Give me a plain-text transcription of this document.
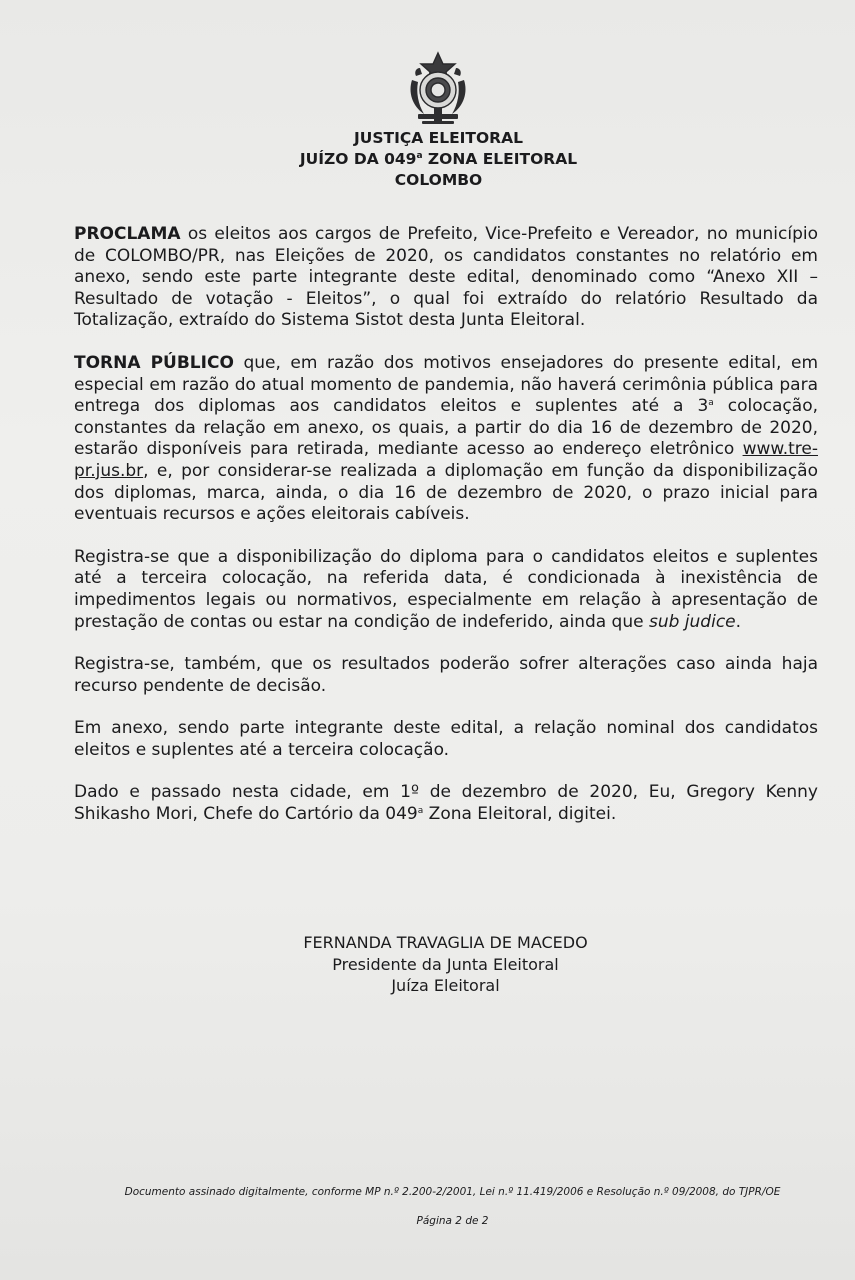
JUSTIÇA ELEITORAL
JUÍZO DA 049$^a$ ZONA ELEITORAL
COLOMBO

PROCLAMA os eleitos aos cargos de Prefeito, Vice-Prefeito e Vereador, no município de COLOMBO/PR, nas Eleições de 2020, os candidatos constantes no relatório em anexo, sendo este parte integrante deste edital, denominado como “Anexo XII – Resultado de votação - Eleitos”, o qual foi extraído do relatório Resultado da Totalização, extraído do Sistema Sistot desta Junta Eleitoral.

TORNA PÚBLICO que, em razão dos motivos ensejadores do presente edital, em especial em razão do atual momento de pandemia, não haverá cerimônia pública para entrega dos diplomas aos candidatos eleitos e suplentes até a 3$^a$ colocação, constantes da relação em anexo, os quais, a partir do dia 16 de dezembro de 2020, estarão disponíveis para retirada, mediante acesso ao endereço eletrônico www.tre-pr.jus.br, e, por considerar-se realizada a diplomação em função da disponibilização dos diplomas, marca, ainda, o dia 16 de dezembro de 2020, o prazo inicial para eventuais recursos e ações eleitorais cabíveis.

Registra-se que a disponibilização do diploma para o candidatos eleitos e suplentes até a terceira colocação, na referida data, é condicionada à inexistência de impedimentos legais ou normativos, especialmente em relação à apresentação de prestação de contas ou estar na condição de indeferido, ainda que sub judice.

Registra-se, também, que os resultados poderão sofrer alterações caso ainda haja recurso pendente de decisão.

Em anexo, sendo parte integrante deste edital, a relação nominal dos candidatos eleitos e suplentes até a terceira colocação.

Dado e passado nesta cidade, em 1º de dezembro de 2020, Eu, Gregory Kenny Shikasho Mori, Chefe do Cartório da 049$^a$ Zona Eleitoral, digitei.

FERNANDA TRAVAGLIA DE MACEDO
Presidente da Junta Eleitoral
Juíza Eleitoral
Documento assinado digitalmente, conforme MP n.º 2.200-2/2001, Lei n.º 11.419/2006 e Resolução n.º 09/2008, do TJPR/OE
Página 2 de 2
